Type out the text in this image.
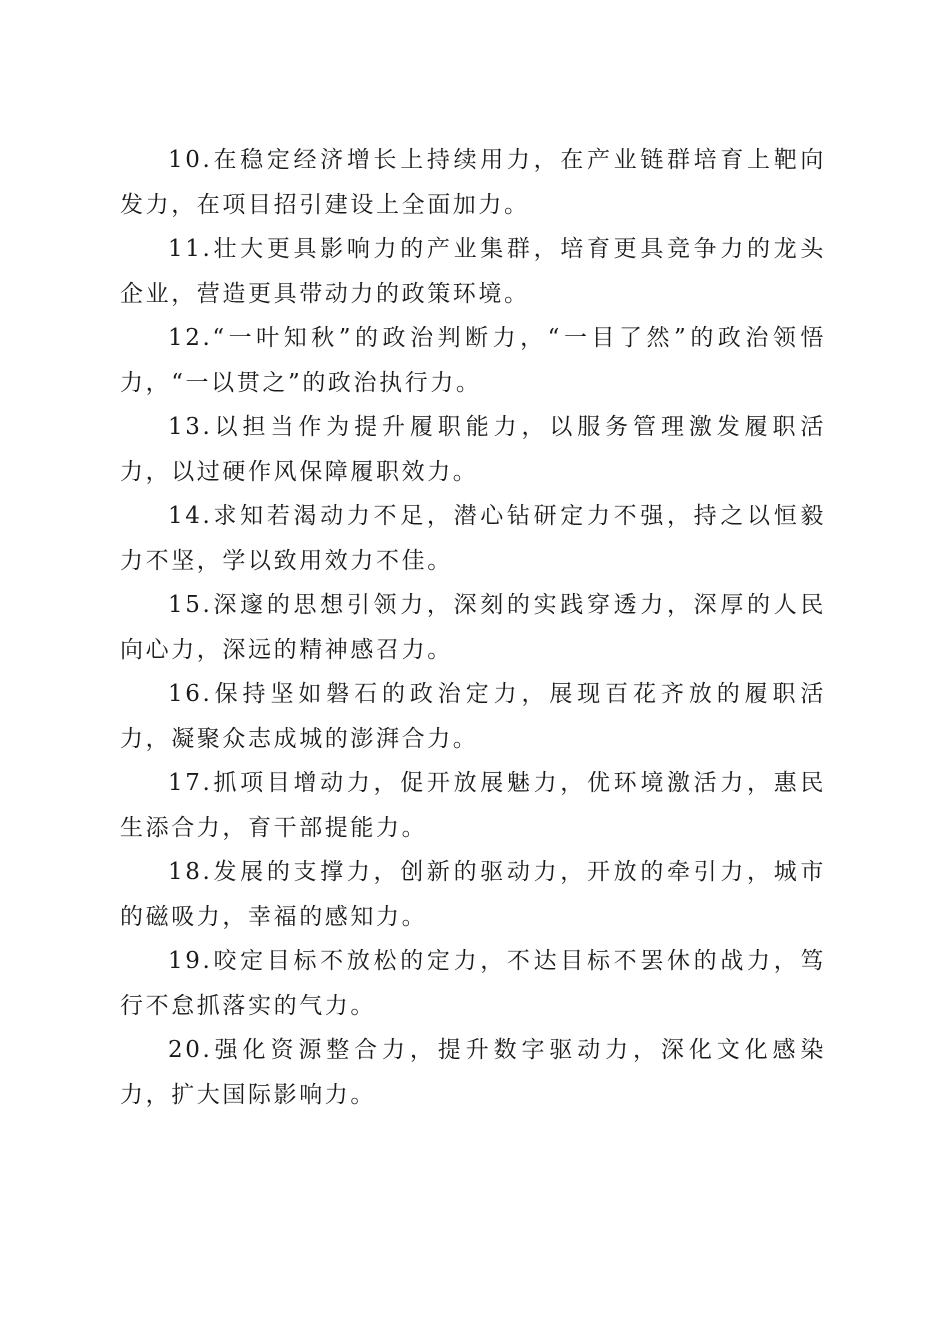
10.在稳定经济增长上持续用力，在产业链群培育上靶向发力，在项目招引建设上全面加力。

11.壮大更具影响力的产业集群，培育更具竞争力的龙头企业，营造更具带动力的政策环境。

12.“一叶知秋”的政治判断力，“一目了然”的政治领悟力，“一以贯之”的政治执行力。

13.以担当作为提升履职能力，以服务管理激发履职活力，以过硬作风保障履职效力。

14.求知若渴动力不足，潜心钻研定力不强，持之以恒毅力不坚，学以致用效力不佳。

15.深邃的思想引领力，深刻的实践穿透力，深厚的人民向心力，深远的精神感召力。

16.保持坚如磐石的政治定力，展现百花齐放的履职活力，凝聚众志成城的澎湃合力。

17.抓项目增动力，促开放展魅力，优环境激活力，惠民生添合力，育干部提能力。

18.发展的支撑力，创新的驱动力，开放的牵引力，城市的磁吸力，幸福的感知力。

19.咬定目标不放松的定力，不达目标不罢休的战力，笃行不怠抓落实的气力。

20.强化资源整合力，提升数字驱动力，深化文化感染力，扩大国际影响力。
